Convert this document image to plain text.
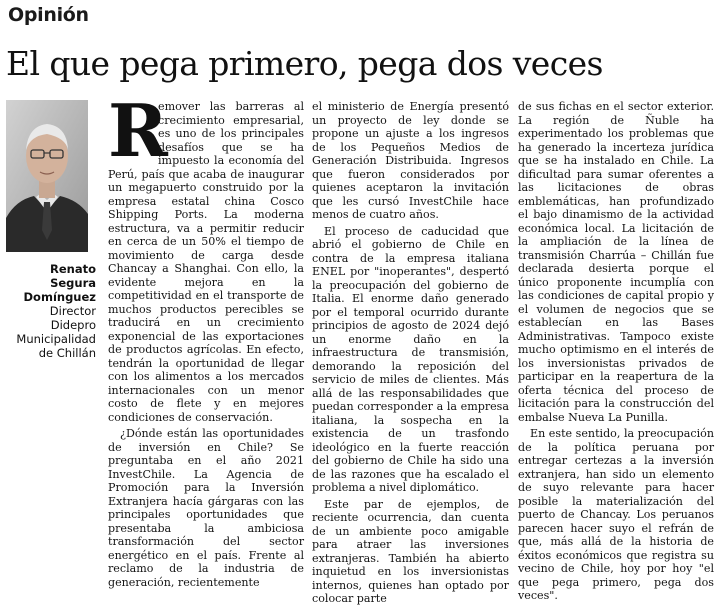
Opinión
El que pega primero, pega dos veces
Renato
Segura
Domínguez
Director
Didepro
Municipalidad
de Chillán
R

emover las barreras al crecimiento empresarial, es uno de los principales desafíos que se ha impuesto la economía del Perú, país que acaba de inaugurar un megapuerto construido por la empresa estatal china Cosco Shipping Ports. La moderna estructura, va a permitir reducir en cerca de un 50% el tiempo de movimiento de carga desde Chancay a Shanghai. Con ello, la evidente mejora en la competitividad en el transporte de muchos productos perecibles se traducirá en un crecimiento exponencial de las exportaciones de productos agrícolas. En efecto, tendrán la oportunidad de llegar con los alimentos a los mercados internacionales con un menor costo de flete y en mejores condiciones de conservación.

¿Dónde están las oportunidades de inversión en Chile? Se preguntaba en el año 2021 InvestChile. La Agencia de Promoción para la Inversión Extranjera hacía gárgaras con las principales oportunidades que presentaba la ambiciosa transformación del sector energético en el país. Frente al reclamo de la industria de generación, recientemente

el ministerio de Energía presentó un proyecto de ley donde se propone un ajuste a los ingresos de los Pequeños Medios de Generación Distribuida. Ingresos que fueron considerados por quienes aceptaron la invitación que les cursó InvestChile hace menos de cuatro años.

El proceso de caducidad que abrió el gobierno de Chile en contra de la empresa italiana ENEL por "inoperantes", despertó la preocupación del gobierno de Italia. El enorme daño generado por el temporal ocurrido durante principios de agosto de 2024 dejó un enorme daño en la infraestructura de transmisión, demorando la reposición del servicio de miles de clientes. Más allá de las responsabilidades que puedan corresponder a la empresa italiana, la sospecha en la existencia de un trasfondo ideológico en la fuerte reacción del gobierno de Chile ha sido una de las razones que ha escalado el problema a nivel diplomático.

Este par de ejemplos, de reciente ocurrencia, dan cuenta de un ambiente poco amigable para atraer las inversiones extranjeras. También ha abierto inquietud en los inversionistas internos, quienes han optado por colocar parte

de sus fichas en el sector exterior. La región de Ñuble ha experimentado los problemas que ha generado la incerteza jurídica que se ha instalado en Chile. La dificultad para sumar oferentes a las licitaciones de obras emblemáticas, han profundizado el bajo dinamismo de la actividad económica local. La licitación de la ampliación de la línea de transmisión Charrúa – Chillán fue declarada desierta porque el único proponente incumplía con las condiciones de capital propio y el volumen de negocios que se establecían en las Bases Administrativas. Tampoco existe mucho optimismo en el interés de los inversionistas privados de participar en la reapertura de la oferta técnica del proceso de licitación para la construcción del embalse Nueva La Punilla.

En este sentido, la preocupación de la política peruana por entregar certezas a la inversión extranjera, han sido un elemento de suyo relevante para hacer posible la materialización del puerto de Chancay. Los peruanos parecen hacer suyo el refrán de que, más allá de la historia de éxitos económicos que registra su vecino de Chile, hoy por hoy "el que pega primero, pega dos veces".
